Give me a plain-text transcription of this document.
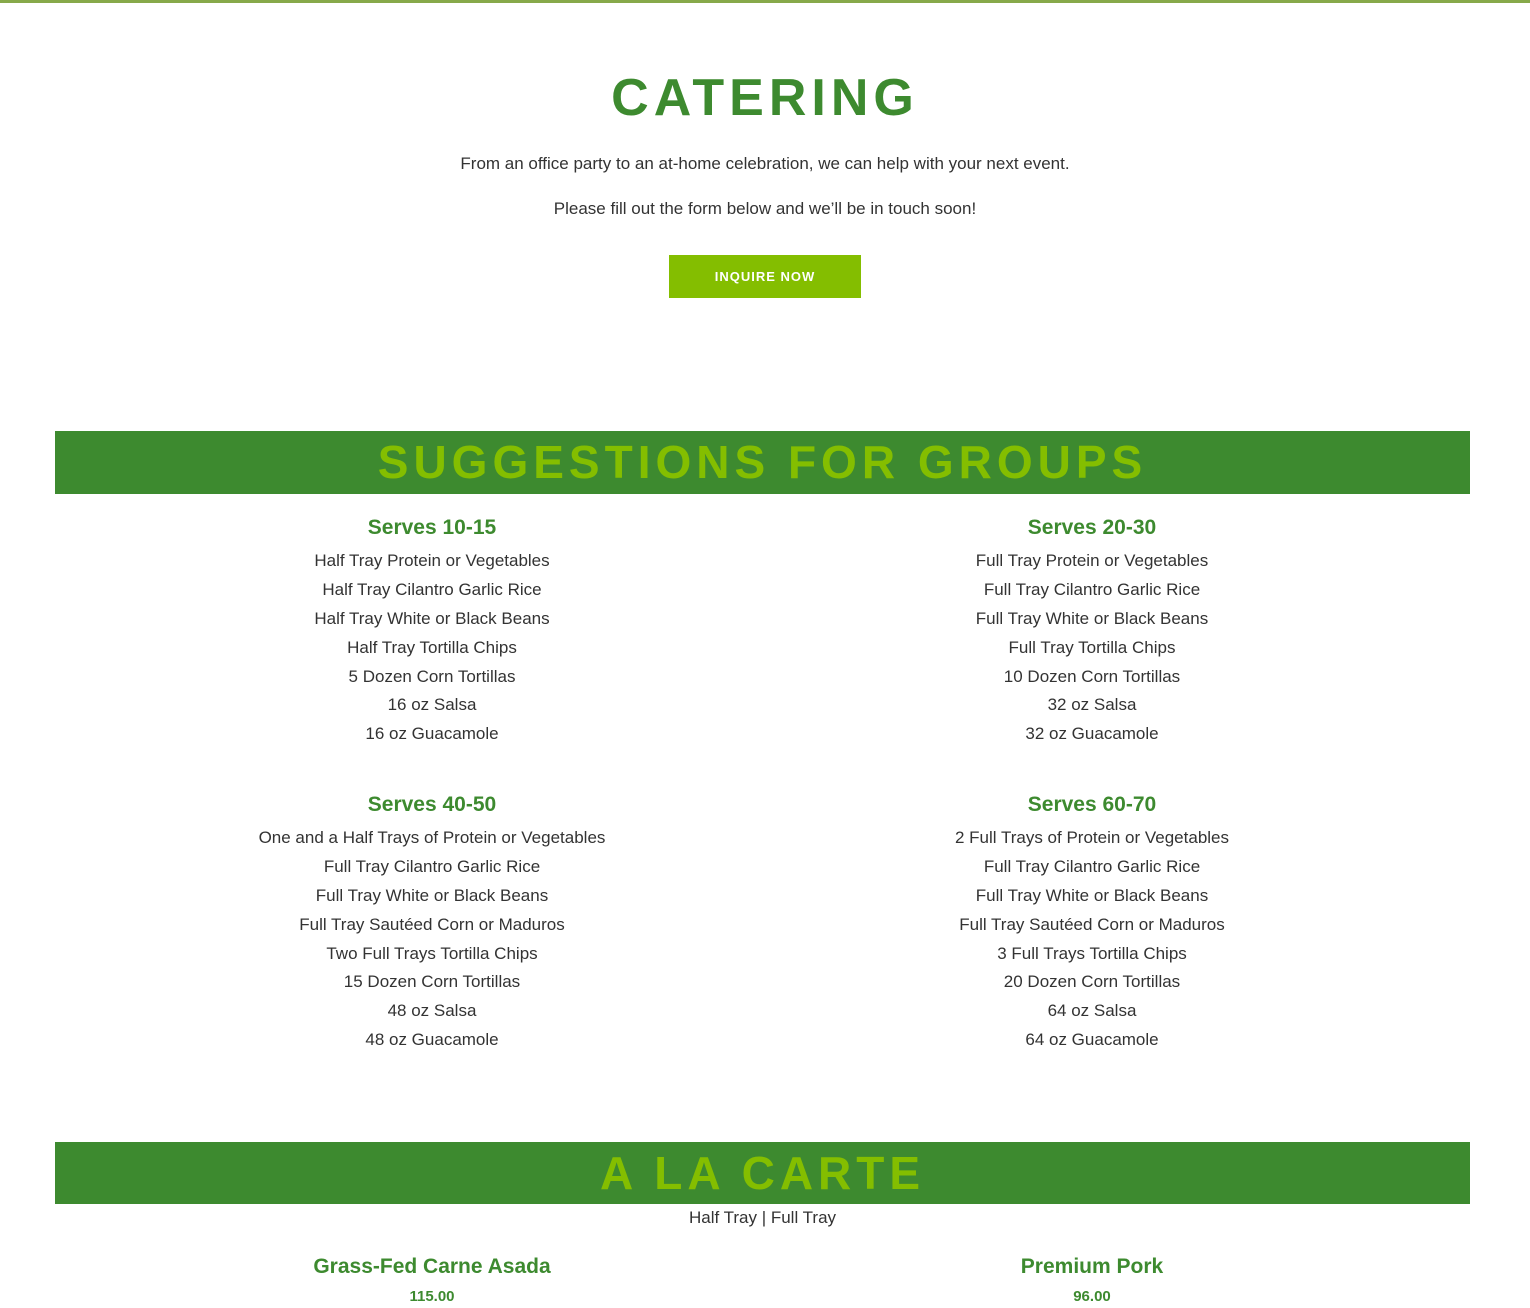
CATERING

From an office party to an at-home celebration, we can help with your next event.

Please fill out the form below and we’ll be in touch soon!

INQUIRE NOW
SUGGESTIONS FOR GROUPS
Serves 10-15
Half Tray Protein or Vegetables
Half Tray Cilantro Garlic Rice
Half Tray White or Black Beans
Half Tray Tortilla Chips
5 Dozen Corn Tortillas
16 oz Salsa
16 oz Guacamole
Serves 20-30
Full Tray Protein or Vegetables
Full Tray Cilantro Garlic Rice
Full Tray White or Black Beans
Full Tray Tortilla Chips
10 Dozen Corn Tortillas
32 oz Salsa
32 oz Guacamole
Serves 40-50
One and a Half Trays of Protein or Vegetables
Full Tray Cilantro Garlic Rice
Full Tray White or Black Beans
Full Tray Sautéed Corn or Maduros
Two Full Trays Tortilla Chips
15 Dozen Corn Tortillas
48 oz Salsa
48 oz Guacamole
Serves 60-70
2 Full Trays of Protein or Vegetables
Full Tray Cilantro Garlic Rice
Full Tray White or Black Beans
Full Tray Sautéed Corn or Maduros
3 Full Trays Tortilla Chips
20 Dozen Corn Tortillas
64 oz Salsa
64 oz Guacamole
A LA CARTE

Half Tray | Full Tray

Grass-Fed Carne Asada

115.00

Premium Pork

96.00
